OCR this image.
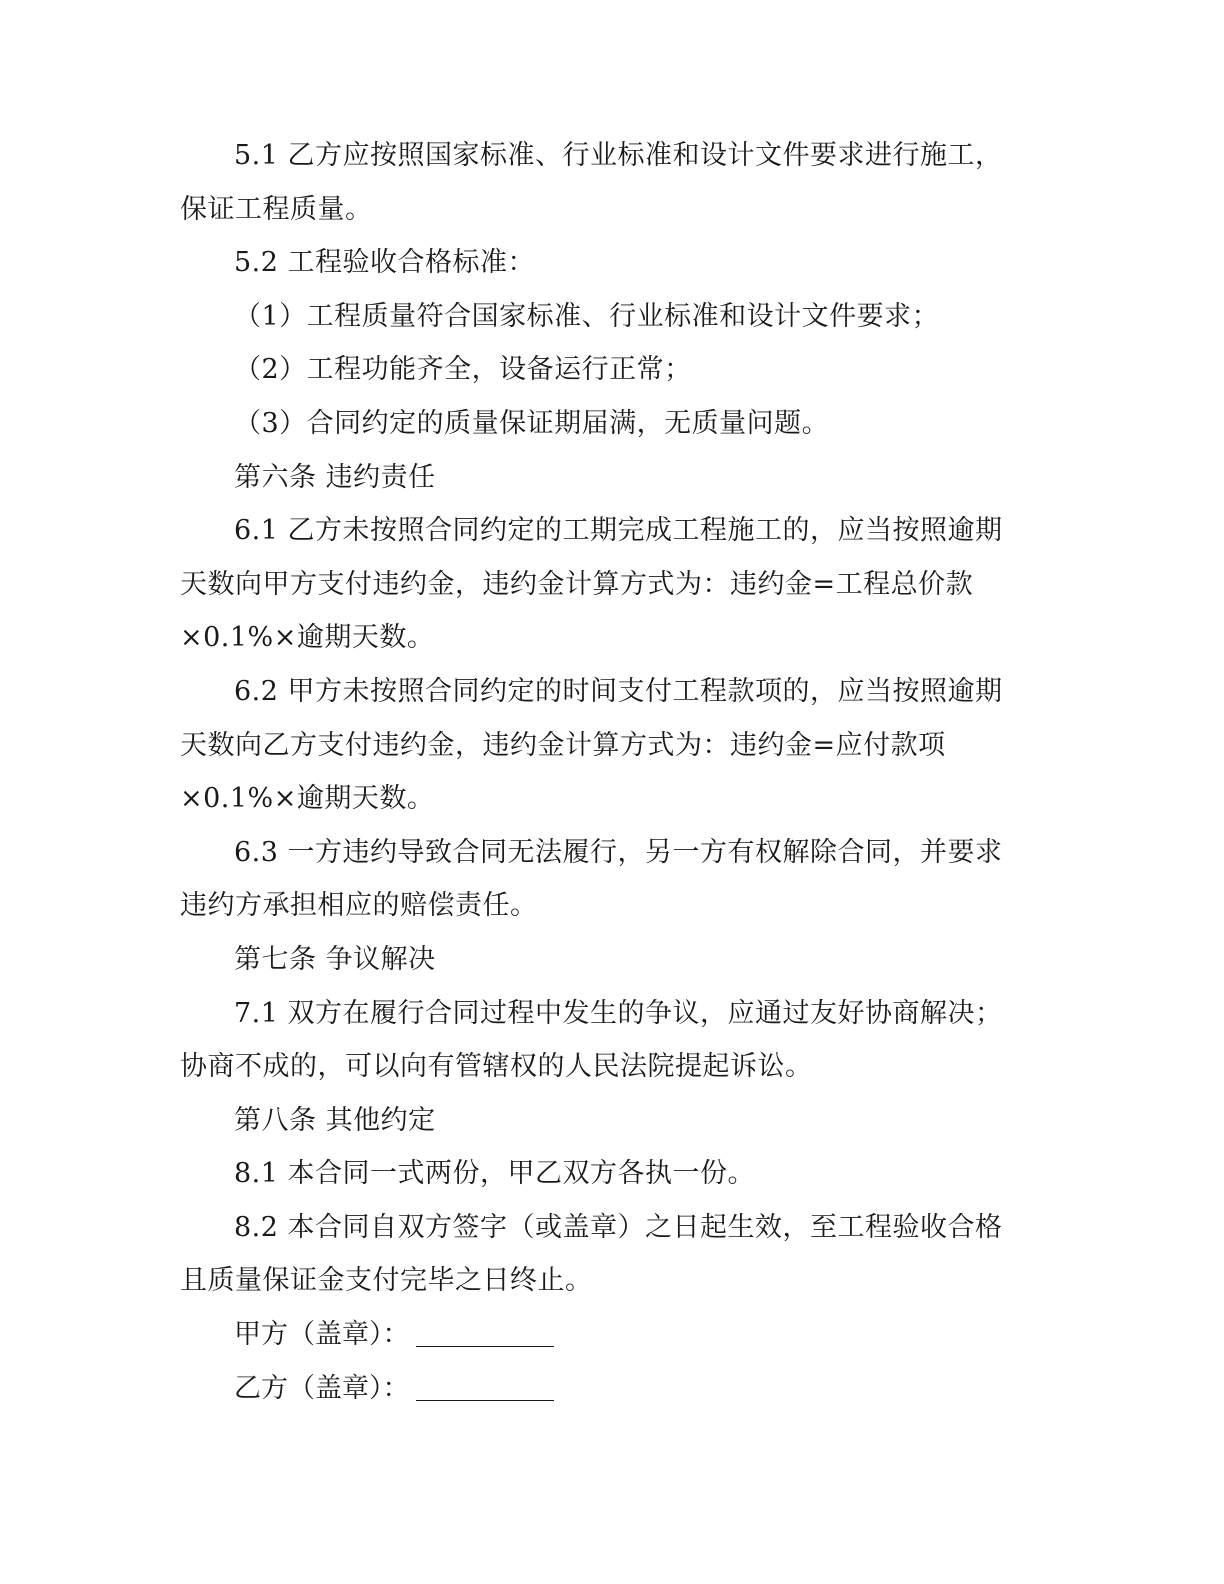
5.1 乙方应按照国家标准、行业标准和设计文件要求进行施工，
保证工程质量。

5.2 工程验收合格标准：

（1）工程质量符合国家标准、行业标准和设计文件要求；

（2）工程功能齐全，设备运行正常；

（3）合同约定的质量保证期届满，无质量问题。

第六条 违约责任

6.1 乙方未按照合同约定的工期完成工程施工的，应当按照逾期
天数向甲方支付违约金，违约金计算方式为：违约金=工程总价款
×0.1%×逾期天数。

6.2 甲方未按照合同约定的时间支付工程款项的，应当按照逾期
天数向乙方支付违约金，违约金计算方式为：违约金=应付款项
×0.1%×逾期天数。

6.3 一方违约导致合同无法履行，另一方有权解除合同，并要求
违约方承担相应的赔偿责任。

第七条 争议解决

7.1 双方在履行合同过程中发生的争议，应通过友好协商解决；
协商不成的，可以向有管辖权的人民法院提起诉讼。

第八条 其他约定

8.1 本合同一式两份，甲乙双方各执一份。

8.2 本合同自双方签字（或盖章）之日起生效，至工程验收合格
且质量保证金支付完毕之日终止。

甲方（盖章）：
乙方（盖章）：
